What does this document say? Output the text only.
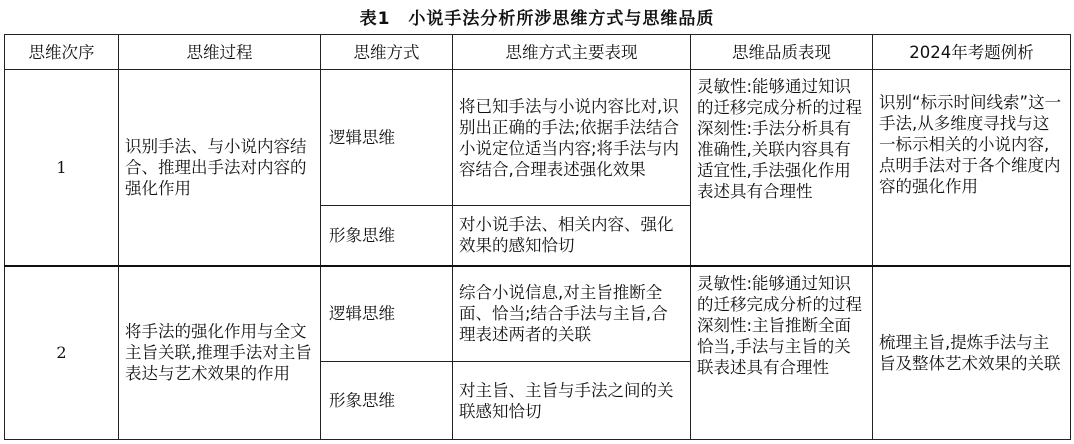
表1　小说手法分析所涉思维方式与思维品质
思维次序	思维过程	思维方式	思维方式主要表现	思维品质表现	2024年考题例析
1	识别手法、与小说内容结合、推理出手法对内容的强化作用	逻辑思维	将已知手法与小说内容比对,识别出正确的手法;依据手法结合小说定位适当内容;将手法与内容结合,合理表述强化效果	灵敏性:能够通过知识的迁移完成分析的过程
深刻性:手法分析具有准确性,关联内容具有适宜性,手法强化作用表述具有合理性	识别“标示时间线索”这一手法,从多维度寻找与这一标示相关的小说内容,点明手法对于各个维度内容的强化作用
		形象思维	对小说手法、相关内容、强化效果的感知恰切		
2	将手法的强化作用与全文主旨关联,推理手法对主旨表达与艺术效果的作用	逻辑思维	综合小说信息,对主旨推断全面、恰当;结合手法与主旨,合理表述两者的关联	灵敏性:能够通过知识的迁移完成分析的过程
深刻性:主旨推断全面恰当,手法与主旨的关联表述具有合理性	梳理主旨,提炼手法与主旨及整体艺术效果的关联
		形象思维	对主旨、主旨与手法之间的关联感知恰切		
